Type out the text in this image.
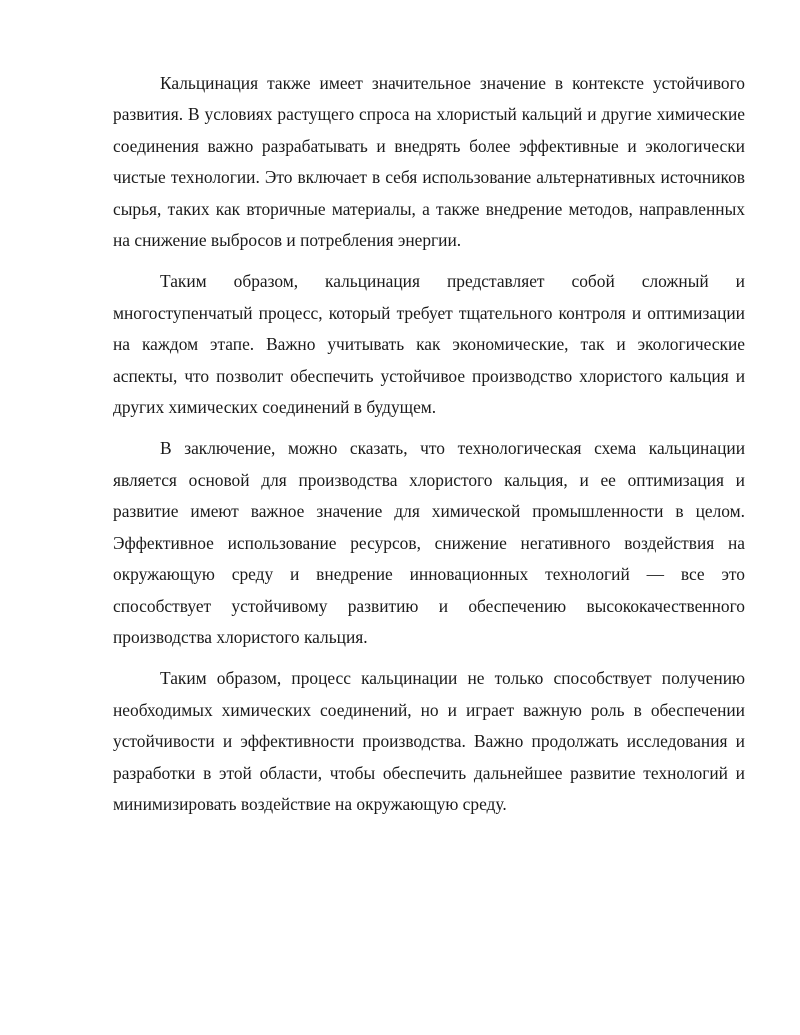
Кальцинация также имеет значительное значение в контексте устойчивого развития. В условиях растущего спроса на хлористый кальций и другие химические соединения важно разрабатывать и внедрять более эффективные и экологически чистые технологии. Это включает в себя использование альтернативных источников сырья, таких как вторичные материалы, а также внедрение методов, направленных на снижение выбросов и потребления энергии.

Таким образом, кальцинация представляет собой сложный и многоступенчатый процесс, который требует тщательного контроля и оптимизации на каждом этапе. Важно учитывать как экономические, так и экологические аспекты, что позволит обеспечить устойчивое производство хлористого кальция и других химических соединений в будущем.

В заключение, можно сказать, что технологическая схема кальцинации является основой для производства хлористого кальция, и ее оптимизация и развитие имеют важное значение для химической промышленности в целом. Эффективное использование ресурсов, снижение негативного воздействия на окружающую среду и внедрение инновационных технологий — все это способствует устойчивому развитию и обеспечению высококачественного производства хлористого кальция.

Таким образом, процесс кальцинации не только способствует получению необходимых химических соединений, но и играет важную роль в обеспечении устойчивости и эффективности производства. Важно продолжать исследования и разработки в этой области, чтобы обеспечить дальнейшее развитие технологий и минимизировать воздействие на окружающую среду.
